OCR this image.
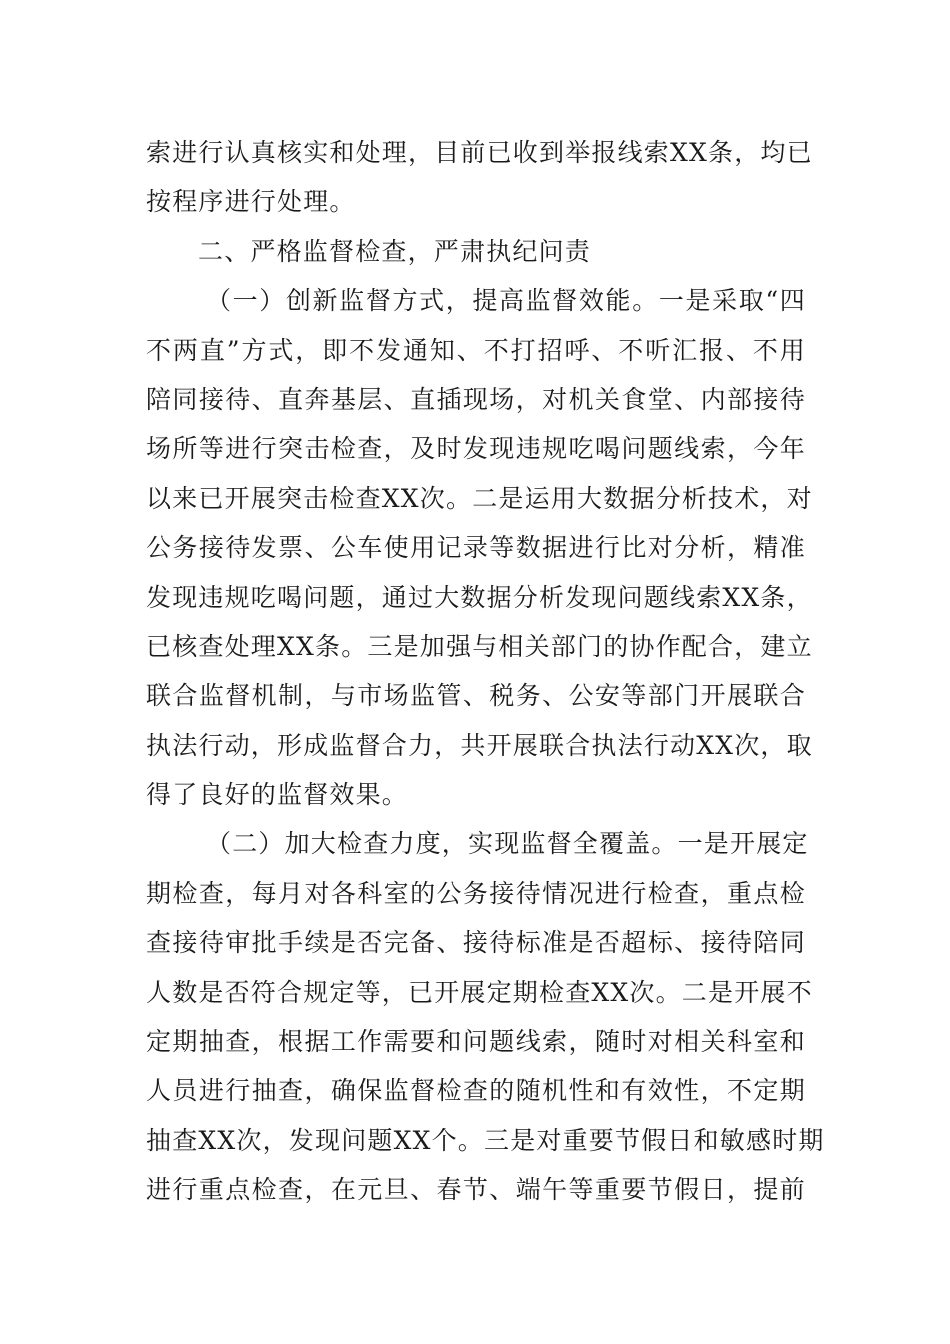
索进行认真核实和处理，目前已收到举报线索XX条，均已
按程序进行处理。
二、严格监督检查，严肃执纪问责
（一）创新监督方式，提高监督效能。一是采取“四
不两直”方式，即不发通知、不打招呼、不听汇报、不用
陪同接待、直奔基层、直插现场，对机关食堂、内部接待
场所等进行突击检查，及时发现违规吃喝问题线索，今年
以来已开展突击检查XX次。二是运用大数据分析技术，对
公务接待发票、公车使用记录等数据进行比对分析，精准
发现违规吃喝问题，通过大数据分析发现问题线索XX条，
已核查处理XX条。三是加强与相关部门的协作配合，建立
联合监督机制，与市场监管、税务、公安等部门开展联合
执法行动，形成监督合力，共开展联合执法行动XX次，取
得了良好的监督效果。
（二）加大检查力度，实现监督全覆盖。一是开展定
期检查，每月对各科室的公务接待情况进行检查，重点检
查接待审批手续是否完备、接待标准是否超标、接待陪同
人数是否符合规定等，已开展定期检查XX次。二是开展不
定期抽查，根据工作需要和问题线索，随时对相关科室和
人员进行抽查，确保监督检查的随机性和有效性，不定期
抽查XX次，发现问题XX个。三是对重要节假日和敏感时期
进行重点检查，在元旦、春节、端午等重要节假日，提前
